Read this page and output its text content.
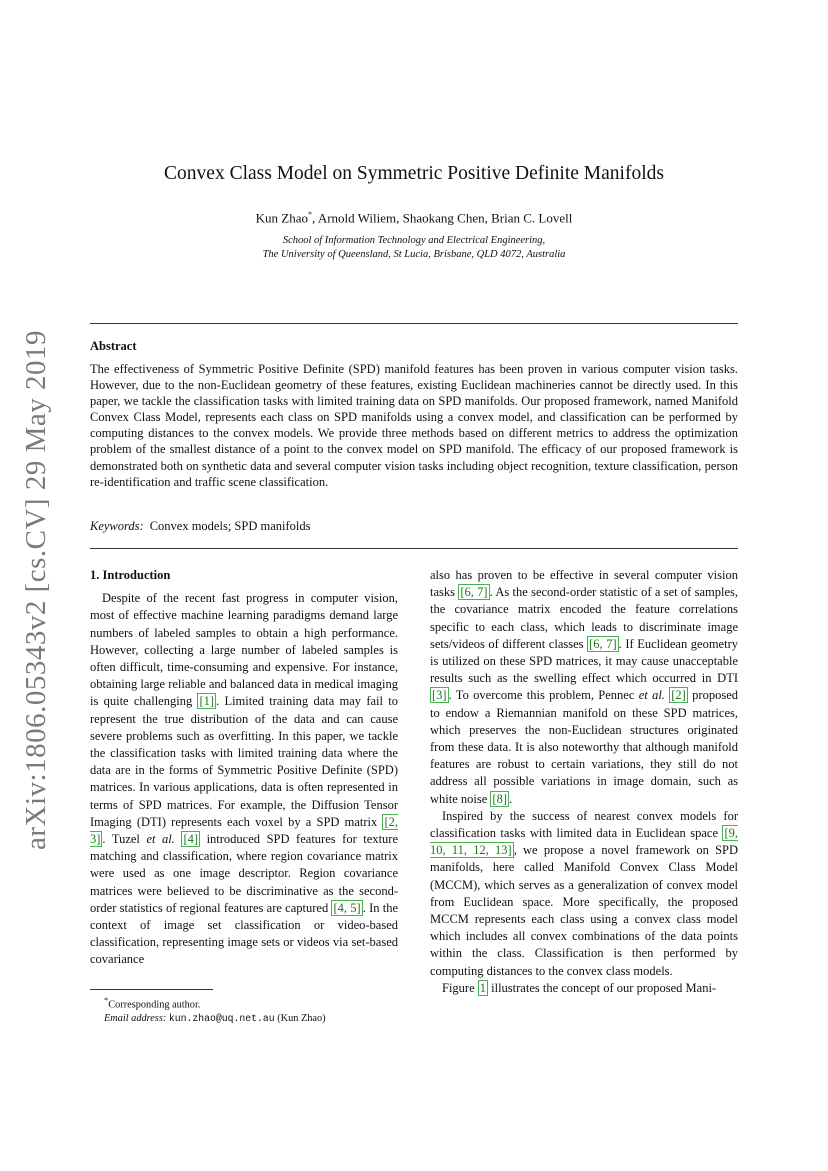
arXiv:1806.05343v2 [cs.CV] 29 May 2019
Convex Class Model on Symmetric Positive Definite Manifolds
Kun Zhao*, Arnold Wiliem, Shaokang Chen, Brian C. Lovell
School of Information Technology and Electrical Engineering,
The University of Queensland, St Lucia, Brisbane, QLD 4072, Australia
Abstract

The effectiveness of Symmetric Positive Definite (SPD) manifold features has been proven in various computer vision tasks. However, due to the non-Euclidean geometry of these features, existing Euclidean machineries cannot be directly used. In this paper, we tackle the classification tasks with limited training data on SPD manifolds. Our proposed framework, named Manifold Convex Class Model, represents each class on SPD manifolds using a convex model, and classification can be performed by computing distances to the convex models. We provide three methods based on different metrics to address the optimization problem of the smallest distance of a point to the convex model on SPD manifold. The efficacy of our proposed framework is demonstrated both on synthetic data and several computer vision tasks including object recognition, texture classification, person re-identification and traffic scene classification.

Keywords: Convex models; SPD manifolds
1. Introduction

Despite of the recent fast progress in computer vision, most of effective machine learning paradigms demand large numbers of labeled samples to obtain a high performance. However, collecting a large number of labeled samples is often difficult, time-consuming and expensive. For instance, obtaining large reliable and balanced data in medical imaging is quite challenging [1] . Limited training data may fail to represent the true distribution of the data and can cause severe problems such as overfitting. In this paper, we tackle the classification tasks with limited training data where the data are in the forms of Symmetric Positive Definite (SPD) matrices. In various applications, data is often represented in terms of SPD matrices. For example, the Diffusion Tensor Imaging (DTI) represents each voxel by a SPD matrix [2, 3] . Tuzel et al. [4] introduced SPD features for texture matching and classification, where region covariance matrix were used as one image descriptor. Region covariance matrices were believed to be discriminative as the second-order statistics of regional features are captured [4, 5] . In the context of image set classification or video-based classification, representing image sets or videos via set-based covariance

also has proven to be effective in several computer vision tasks [6, 7] . As the second-order statistic of a set of samples, the covariance matrix encoded the feature correlations specific to each class, which leads to discriminate image sets/videos of different classes [6, 7] . If Euclidean geometry is utilized on these SPD matrices, it may cause unacceptable results such as the swelling effect which occurred in DTI [3] . To overcome this problem, Pennec et al. [2] proposed to endow a Riemannian manifold on these SPD matrices, which preserves the non-Euclidean structures originated from these data. It is also noteworthy that although manifold features are robust to certain variations, they still do not address all possible variations in image domain, such as white noise [8] .

Inspired by the success of nearest convex models for classification tasks with limited data in Euclidean space [9, 10, 11, 12, 13] , we propose a novel framework on SPD manifolds, here called Manifold Convex Class Model (MCCM), which serves as a generalization of convex model from Euclidean space. More specifically, the proposed MCCM represents each class using a convex class model which includes all convex combinations of the data points within the class. Classification is then performed by computing distances to the convex class models.

Figure 1 illustrates the concept of our proposed Mani-

*Corresponding author.
Email address: kun.zhao@uq.net.au (Kun Zhao)
